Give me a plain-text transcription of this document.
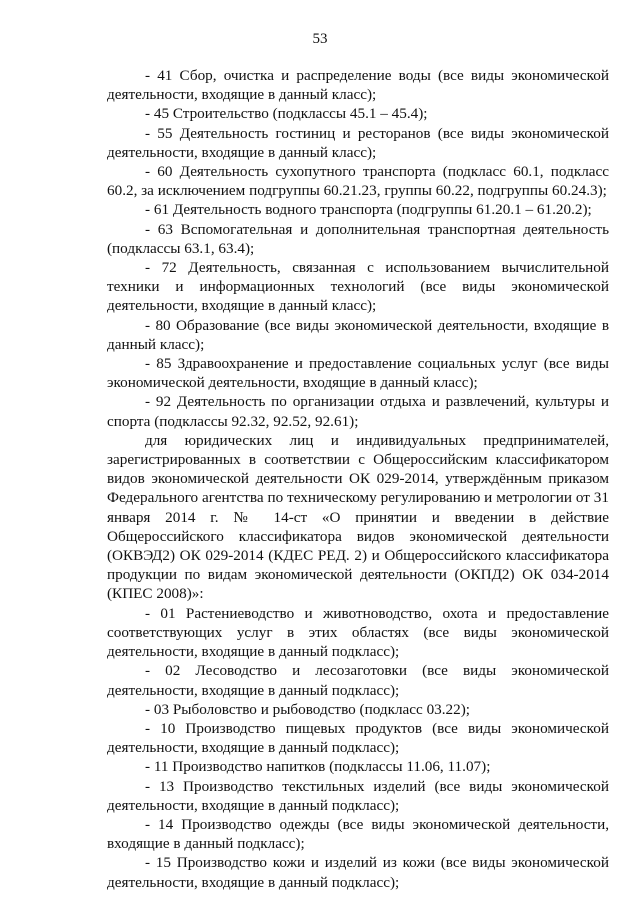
53

- 41 Сбор, очистка и распределение воды (все виды экономической деятельности, входящие в данный класс);

- 45 Строительство (подклассы 45.1 – 45.4);

- 55 Деятельность гостиниц и ресторанов (все виды экономической деятельности, входящие в данный класс);

- 60 Деятельность сухопутного транспорта (подкласс 60.1, подкласс 60.2, за исключением подгруппы 60.21.23, группы 60.22, подгруппы 60.24.3);

- 61 Деятельность водного транспорта (подгруппы 61.20.1 – 61.20.2);

- 63 Вспомогательная и дополнительная транспортная деятельность (подклассы 63.1, 63.4);

- 72 Деятельность, связанная с использованием вычислительной техники и информационных технологий (все виды экономической деятельности, входящие в данный класс);

- 80 Образование (все виды экономической деятельности, входящие в данный класс);

- 85 Здравоохранение и предоставление социальных услуг (все виды экономической деятельности, входящие в данный класс);

- 92 Деятельность по организации отдыха и развлечений, культуры и спорта (подклассы 92.32, 92.52, 92.61);

для юридических лиц и индивидуальных предпринимателей, зарегистрированных в соответствии с Общероссийским классификатором видов экономической деятельности ОК 029-2014, утверждённым приказом Федерального агентства по техническому регулированию и метрологии от 31 января 2014 г. № 14-ст «О принятии и введении в действие Общероссийского классификатора видов экономической деятельности (ОКВЭД2) ОК 029-2014 (КДЕС РЕД. 2) и Общероссийского классификатора продукции по видам экономической деятельности (ОКПД2) ОК 034-2014 (КПЕС 2008)»:

- 01 Растениеводство и животноводство, охота и предоставление соответствующих услуг в этих областях (все виды экономической деятельности, входящие в данный подкласс);

- 02 Лесоводство и лесозаготовки (все виды экономической деятельности, входящие в данный подкласс);

- 03 Рыболовство и рыбоводство (подкласс 03.22);

- 10 Производство пищевых продуктов (все виды экономической деятельности, входящие в данный подкласс);

- 11 Производство напитков (подклассы 11.06, 11.07);

- 13 Производство текстильных изделий (все виды экономической деятельности, входящие в данный подкласс);

- 14 Производство одежды (все виды экономической деятельности, входящие в данный подкласс);

- 15 Производство кожи и изделий из кожи (все виды экономической деятельности, входящие в данный подкласс);
